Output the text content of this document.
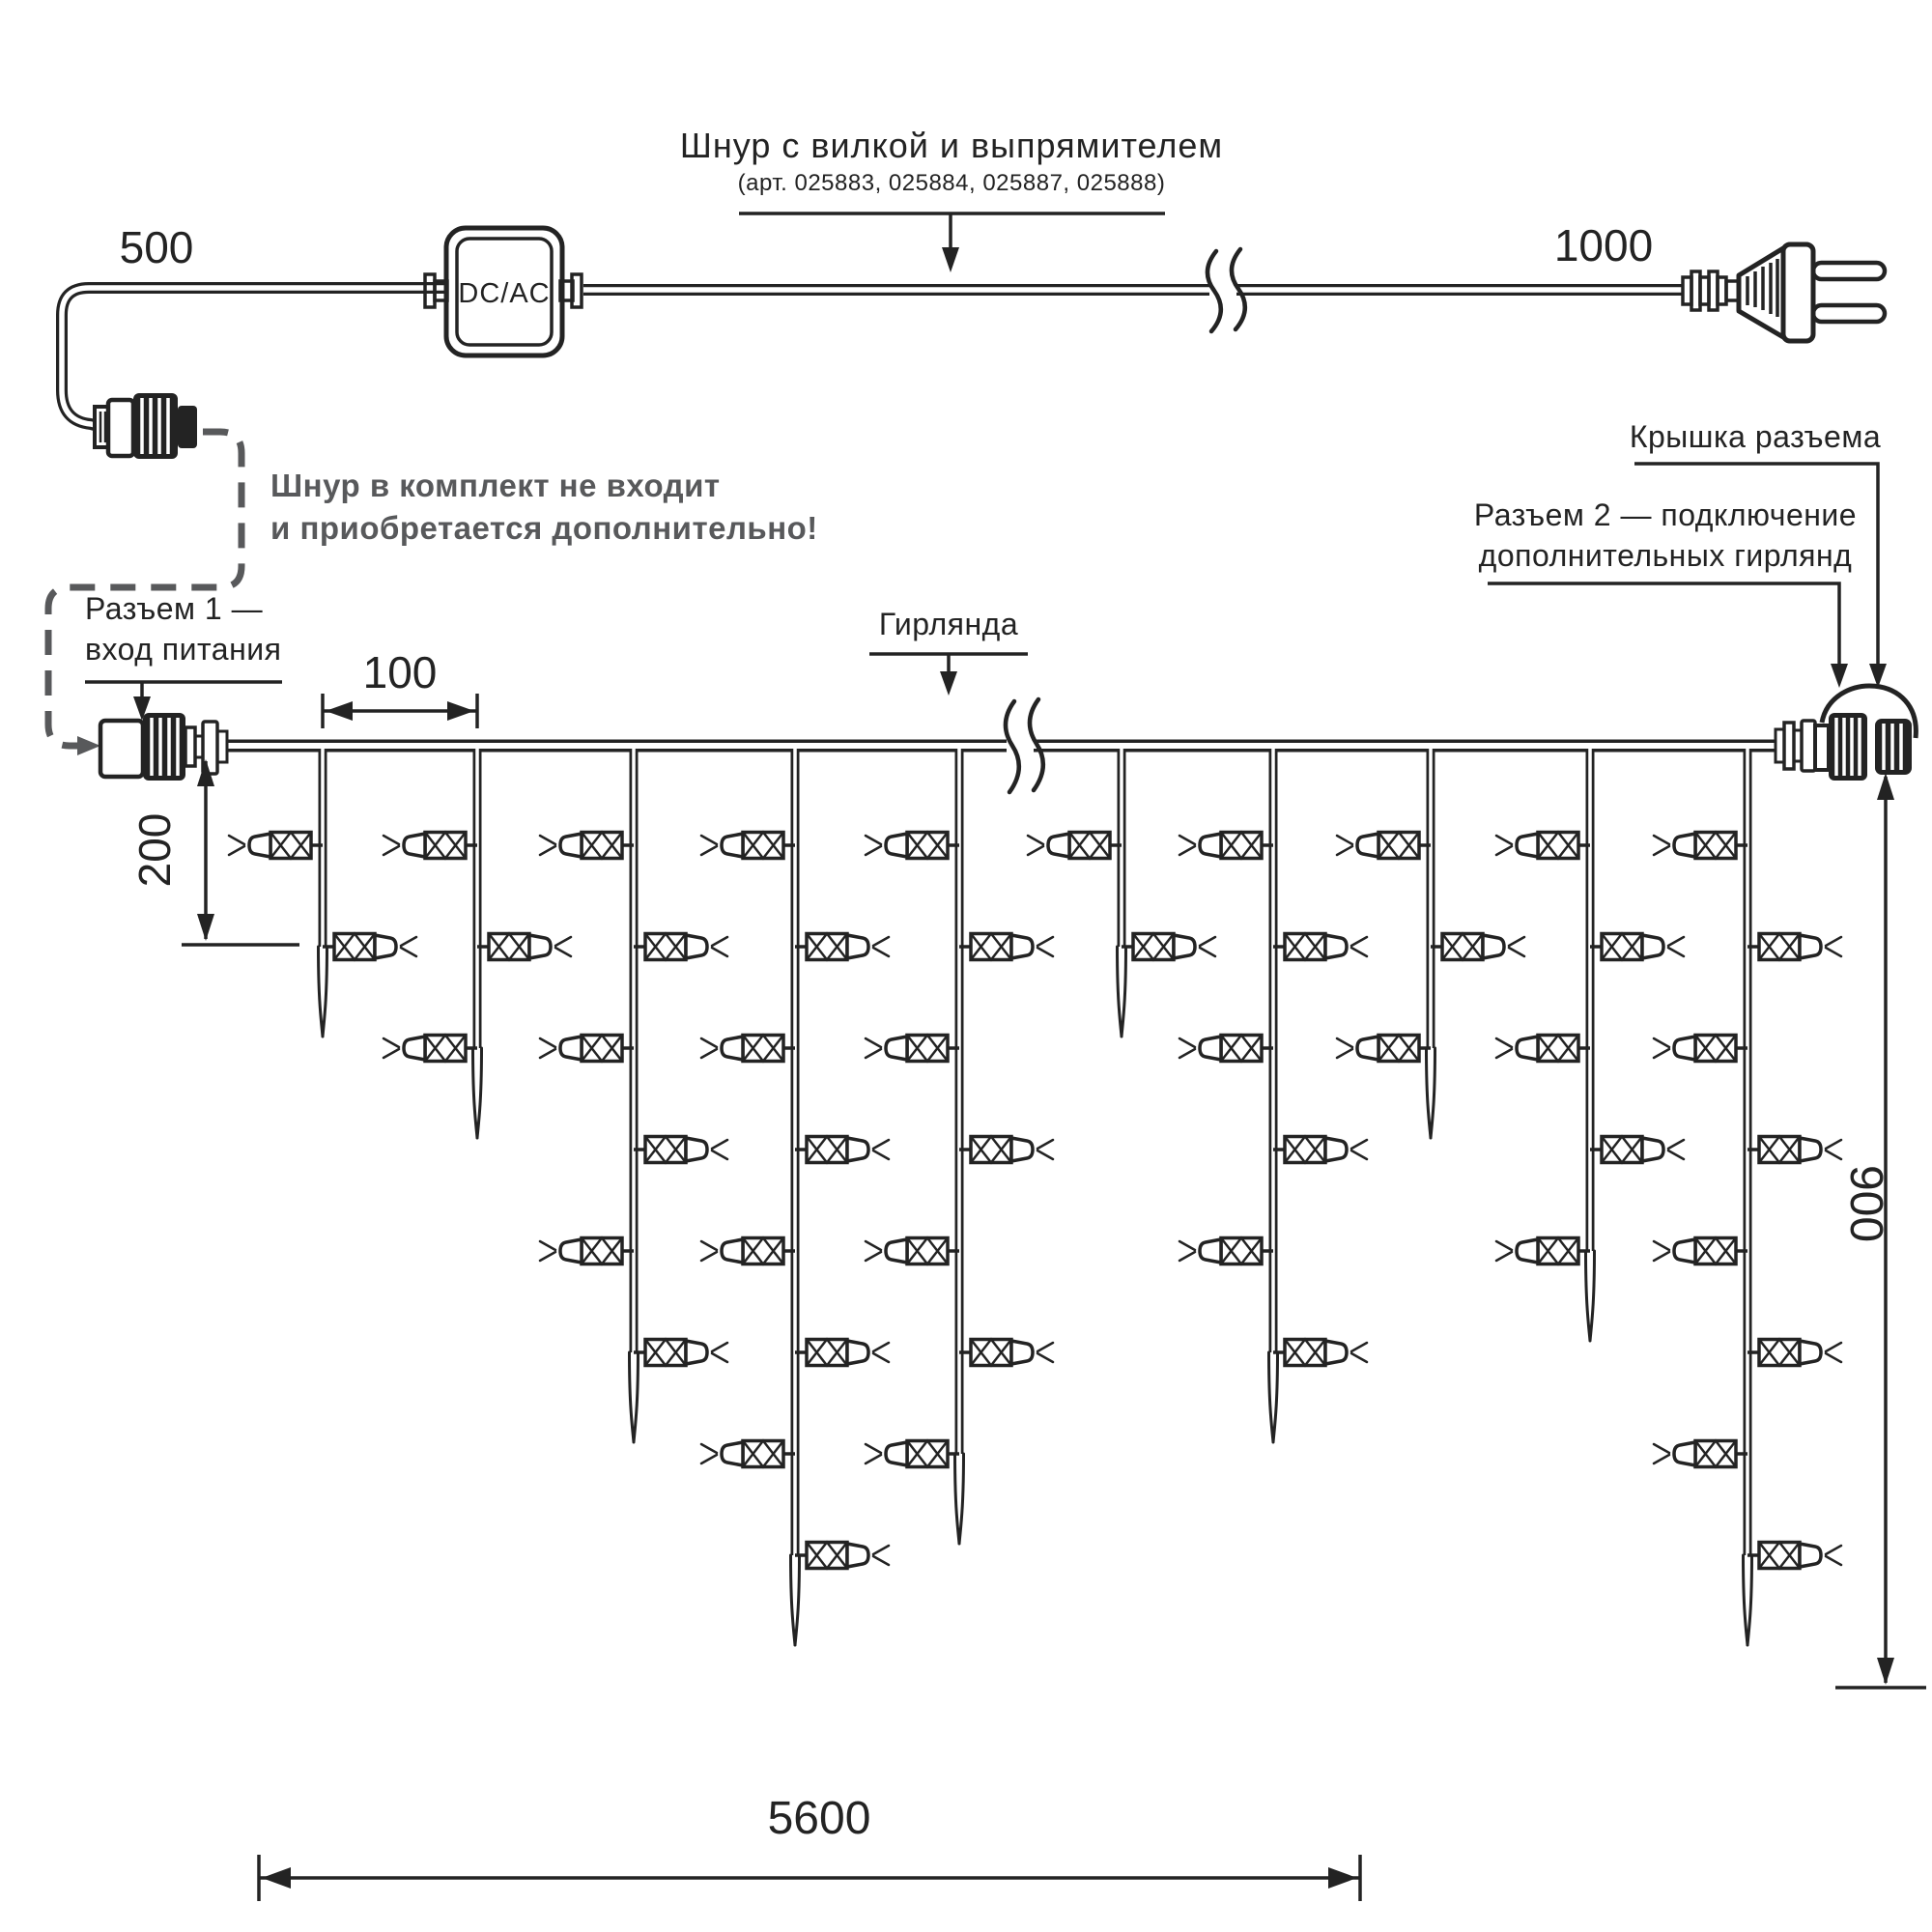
DC/AC
500	1000
Шнур с вилкой и выпрямителем
(арт. 025883, 025884, 025887, 025888)
Шнур в комплект не входит
и приобретается дополнительно!
Разъем 1 —
вход питания
Гирлянда
Крышка разъема
Разъем 2 — подключение
дополнительных гирлянд
100
200
5600
900
